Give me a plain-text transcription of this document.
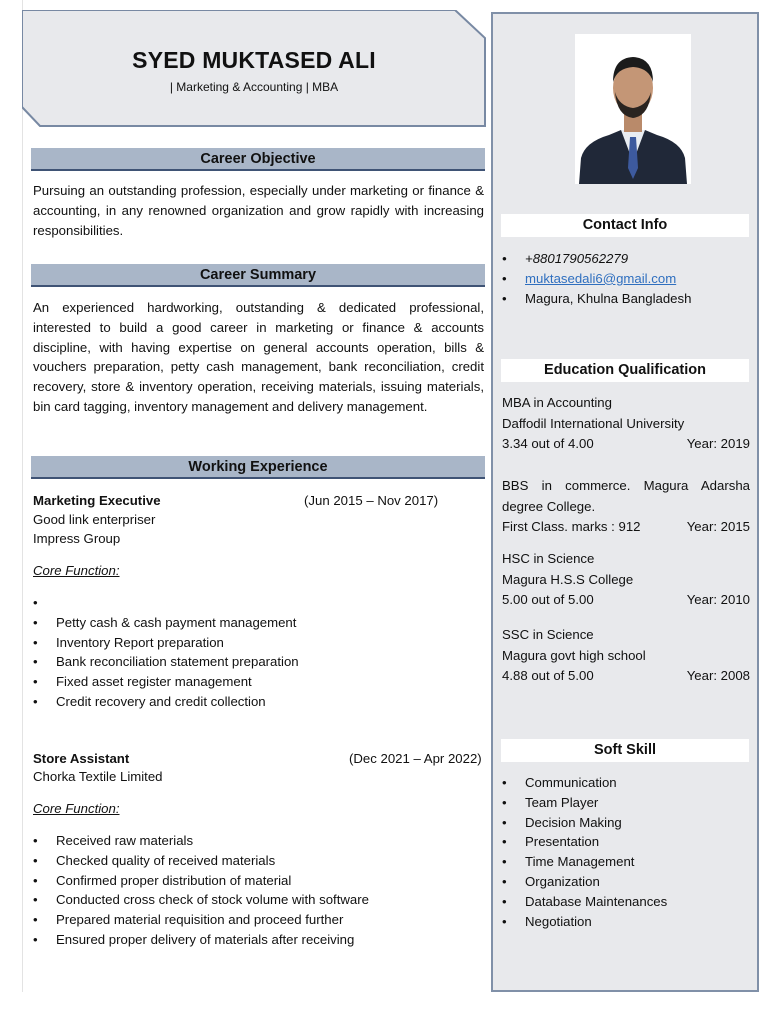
SYED MUKTASED ALI
| Marketing & Accounting | MBA
Career Objective
Pursuing an outstanding profession, especially under marketing or finance & accounting, in any renowned organization and grow rapidly with increasing responsibilities.
Career Summary
An experienced hardworking, outstanding & dedicated professional, interested to build a good career in marketing or finance & accounts discipline, with having expertise on general accounts operation, bills & vouchers preparation, petty cash management, bank reconciliation, credit recovery, store & inventory operation, receiving materials, issuing materials, bin card tagging, inventory management and delivery management.
Working Experience
Marketing Executive	(Jun 2015 – Nov 2017)
Good link enterpriser
Impress Group
Core Function:
•
• Petty cash & cash payment management
• Inventory Report preparation
• Bank reconciliation statement preparation
• Fixed asset register management
• Credit recovery and credit collection
Store Assistant	(Dec 2021 – Apr 2022)
Chorka Textile Limited
Core Function:
• Received raw materials
• Checked quality of received materials
• Confirmed proper distribution of material
• Conducted cross check of stock volume with software
• Prepared material requisition and proceed further
• Ensured proper delivery of materials after receiving
Contact Info
• +8801790562279
• muktasedali6@gmail.com
• Magura, Khulna Bangladesh
Education Qualification
MBA in Accounting
Daffodil International University
3.34 out of 4.00	Year: 2019
BBS in commerce. Magura Adarsha degree College.
First Class. marks : 912	Year: 2015
HSC in Science
Magura H.S.S College
5.00 out of 5.00	Year: 2010
SSC in Science
Magura govt high school
4.88 out of 5.00	Year: 2008
Soft Skill
• Communication
• Team Player
• Decision Making
• Presentation
• Time Management
• Organization
• Database Maintenances
• Negotiation
